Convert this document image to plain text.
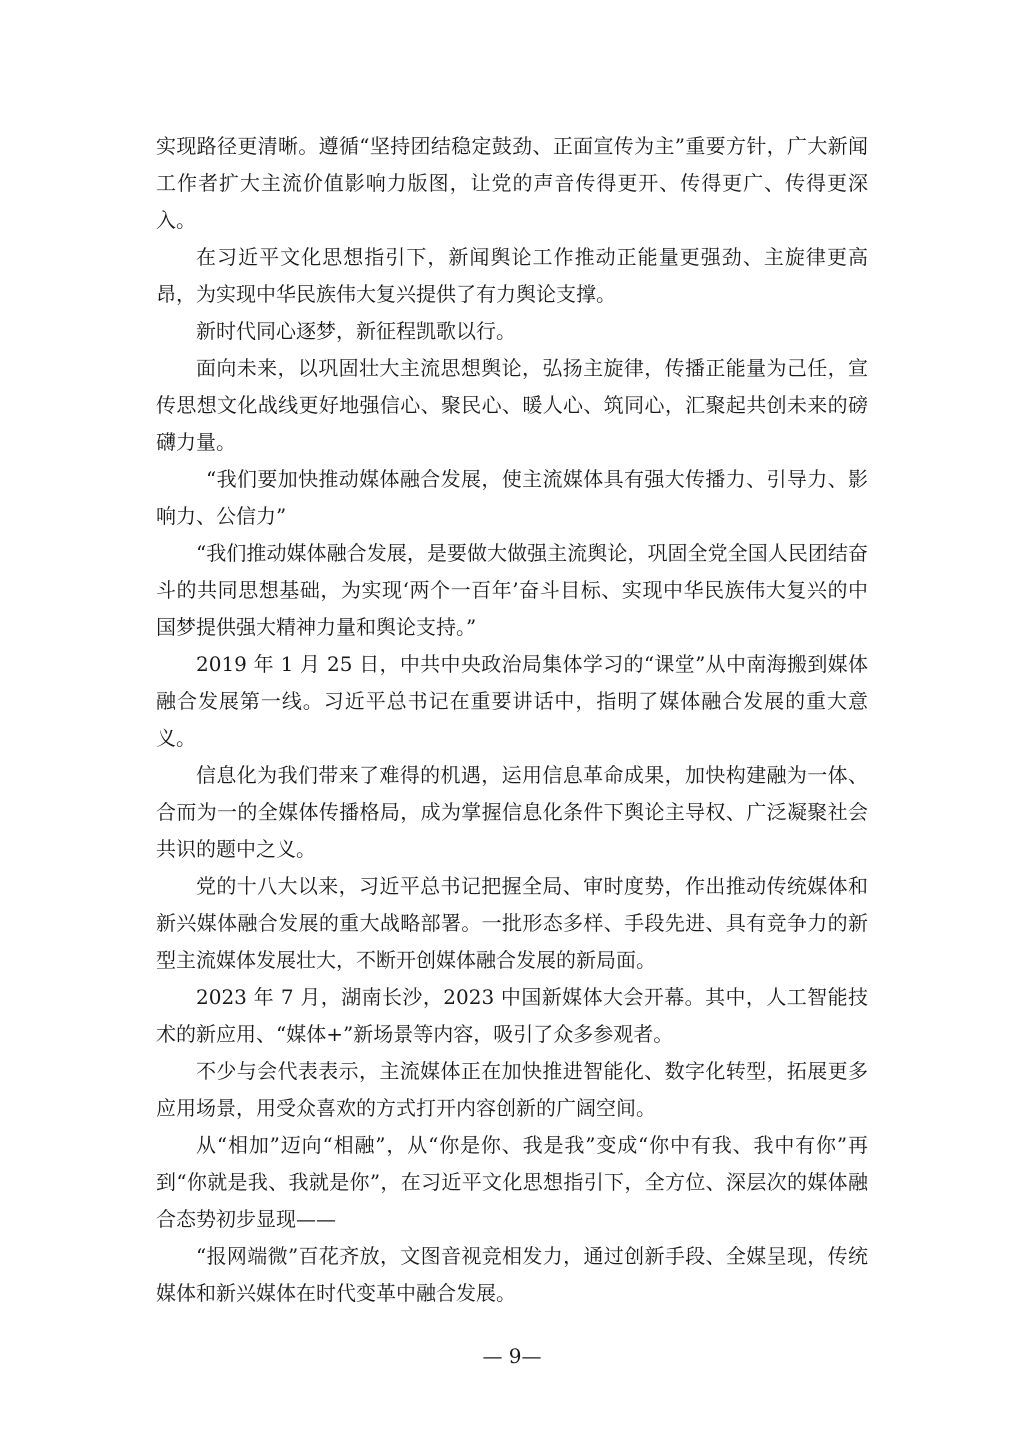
实现路径更清晰。遵循“坚持团结稳定鼓劲、正面宣传为主”重要方针，广大新闻工作者扩大主流价值影响力版图，让党的声音传得更开、传得更广、传得更深入。

在习近平文化思想指引下，新闻舆论工作推动正能量更强劲、主旋律更高昂，为实现中华民族伟大复兴提供了有力舆论支撑。

新时代同心逐梦，新征程凯歌以行。

面向未来，以巩固壮大主流思想舆论，弘扬主旋律，传播正能量为己任，宣传思想文化战线更好地强信心、聚民心、暖人心、筑同心，汇聚起共创未来的磅礴力量。

“我们要加快推动媒体融合发展，使主流媒体具有强大传播力、引导力、影响力、公信力”

“我们推动媒体融合发展，是要做大做强主流舆论，巩固全党全国人民团结奋斗的共同思想基础，为实现‘两个一百年’奋斗目标、实现中华民族伟大复兴的中国梦提供强大精神力量和舆论支持。”

2019 年 1 月 25 日，中共中央政治局集体学习的“课堂”从中南海搬到媒体融合发展第一线。习近平总书记在重要讲话中，指明了媒体融合发展的重大意义。

信息化为我们带来了难得的机遇，运用信息革命成果，加快构建融为一体、合而为一的全媒体传播格局，成为掌握信息化条件下舆论主导权、广泛凝聚社会共识的题中之义。

党的十八大以来，习近平总书记把握全局、审时度势，作出推动传统媒体和新兴媒体融合发展的重大战略部署。一批形态多样、手段先进、具有竞争力的新型主流媒体发展壮大，不断开创媒体融合发展的新局面。

2023 年 7 月，湖南长沙，2023 中国新媒体大会开幕。其中，人工智能技术的新应用、“媒体+”新场景等内容，吸引了众多参观者。

不少与会代表表示，主流媒体正在加快推进智能化、数字化转型，拓展更多应用场景，用受众喜欢的方式打开内容创新的广阔空间。

从“相加”迈向“相融”，从“你是你、我是我”变成“你中有我、我中有你”再到“你就是我、我就是你”，在习近平文化思想指引下，全方位、深层次的媒体融合态势初步显现——

“报网端微”百花齐放，文图音视竞相发力，通过创新手段、全媒呈现，传统媒体和新兴媒体在时代变革中融合发展。

— 9—
